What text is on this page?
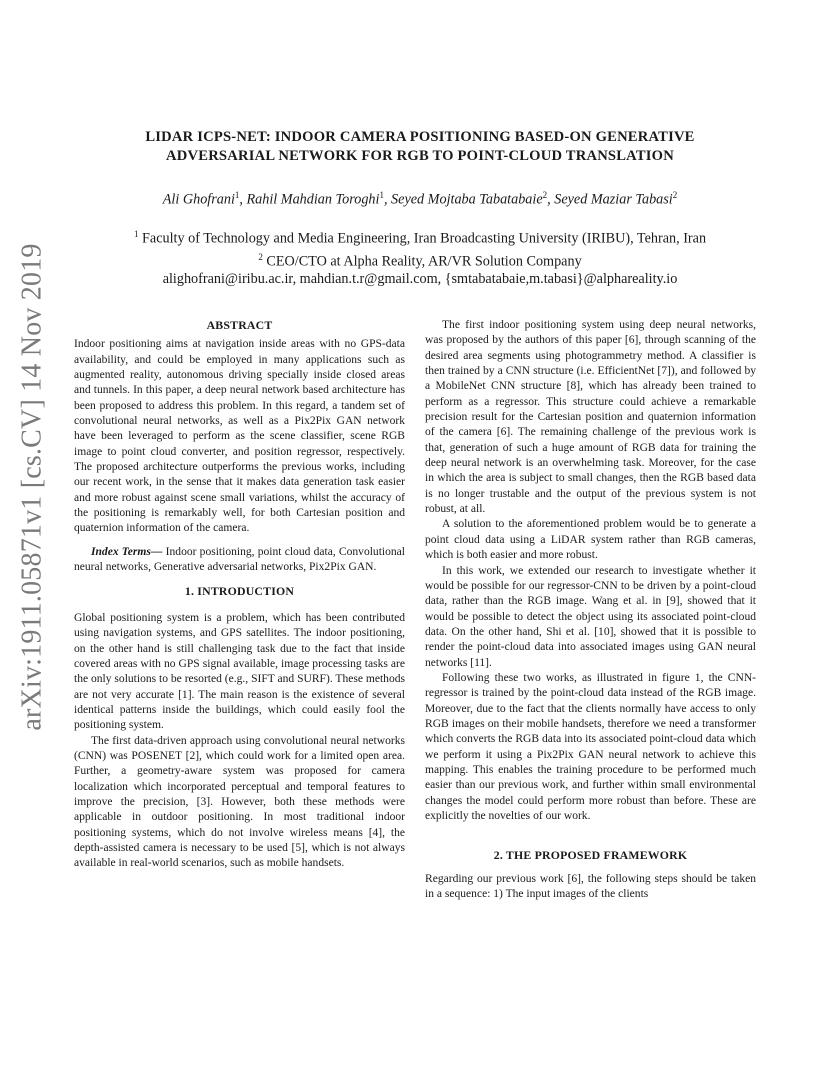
arXiv:1911.05871v1 [cs.CV] 14 Nov 2019
LIDAR ICPS-NET: INDOOR CAMERA POSITIONING BASED-ON GENERATIVE
ADVERSARIAL NETWORK FOR RGB TO POINT-CLOUD TRANSLATION
Ali Ghofrani$^1$, Rahil Mahdian Toroghi$^1$, Seyed Mojtaba Tabatabaie$^2$, Seyed Maziar Tabasi$^2$
$^1$ Faculty of Technology and Media Engineering, Iran Broadcasting University (IRIBU), Tehran, Iran
$^2$ CEO/CTO at Alpha Reality, AR/VR Solution Company
alighofrani@iribu.ac.ir, mahdian.t.r@gmail.com, {smtabatabaie,m.tabasi}@alphareality.io
ABSTRACT

Indoor positioning aims at navigation inside areas with no GPS-data availability, and could be employed in many applications such as augmented reality, autonomous driving specially inside closed areas and tunnels. In this paper, a deep neural network based architecture has been proposed to address this problem. In this regard, a tandem set of convolutional neural networks, as well as a Pix2Pix GAN network have been leveraged to perform as the scene classifier, scene RGB image to point cloud converter, and position regressor, respectively. The proposed architecture outperforms the previous works, including our recent work, in the sense that it makes data generation task easier and more robust against scene small variations, whilst the accuracy of the positioning is remarkably well, for both Cartesian position and quaternion information of the camera.

Index Terms— Indoor positioning, point cloud data, Convolutional neural networks, Generative adversarial networks, Pix2Pix GAN.

1. INTRODUCTION

Global positioning system is a problem, which has been contributed using navigation systems, and GPS satellites. The indoor positioning, on the other hand is still challenging task due to the fact that inside covered areas with no GPS signal available, image processing tasks are the only solutions to be resorted (e.g., SIFT and SURF). These methods are not very accurate [1]. The main reason is the existence of several identical patterns inside the buildings, which could easily fool the positioning system.

The first data-driven approach using convolutional neural networks (CNN) was POSENET [2], which could work for a limited open area. Further, a geometry-aware system was proposed for camera localization which incorporated perceptual and temporal features to improve the precision, [3]. However, both these methods were applicable in outdoor positioning. In most traditional indoor positioning systems, which do not involve wireless means [4], the depth-assisted camera is necessary to be used [5], which is not always available in real-world scenarios, such as mobile handsets.

The first indoor positioning system using deep neural networks, was proposed by the authors of this paper [6], through scanning of the desired area segments using photogrammetry method. A classifier is then trained by a CNN structure (i.e. EfficientNet [7]), and followed by a MobileNet CNN structure [8], which has already been trained to perform as a regressor. This structure could achieve a remarkable precision result for the Cartesian position and quaternion information of the camera [6]. The remaining challenge of the previous work is that, generation of such a huge amount of RGB data for training the deep neural network is an overwhelming task. Moreover, for the case in which the area is subject to small changes, then the RGB based data is no longer trustable and the output of the previous system is not robust, at all.

A solution to the aforementioned problem would be to generate a point cloud data using a LiDAR system rather than RGB cameras, which is both easier and more robust.

In this work, we extended our research to investigate whether it would be possible for our regressor-CNN to be driven by a point-cloud data, rather than the RGB image. Wang et al. in [9], showed that it would be possible to detect the object using its associated point-cloud data. On the other hand, Shi et al. [10], showed that it is possible to render the point-cloud data into associated images using GAN neural networks [11].

Following these two works, as illustrated in figure 1, the CNN-regressor is trained by the point-cloud data instead of the RGB image. Moreover, due to the fact that the clients normally have access to only RGB images on their mobile handsets, therefore we need a transformer which converts the RGB data into its associated point-cloud data which we perform it using a Pix2Pix GAN neural network to achieve this mapping. This enables the training procedure to be performed much easier than our previous work, and further within small environmental changes the model could perform more robust than before. These are explicitly the novelties of our work.

2. THE PROPOSED FRAMEWORK

Regarding our previous work [6], the following steps should be taken in a sequence: 1) The input images of the clients
